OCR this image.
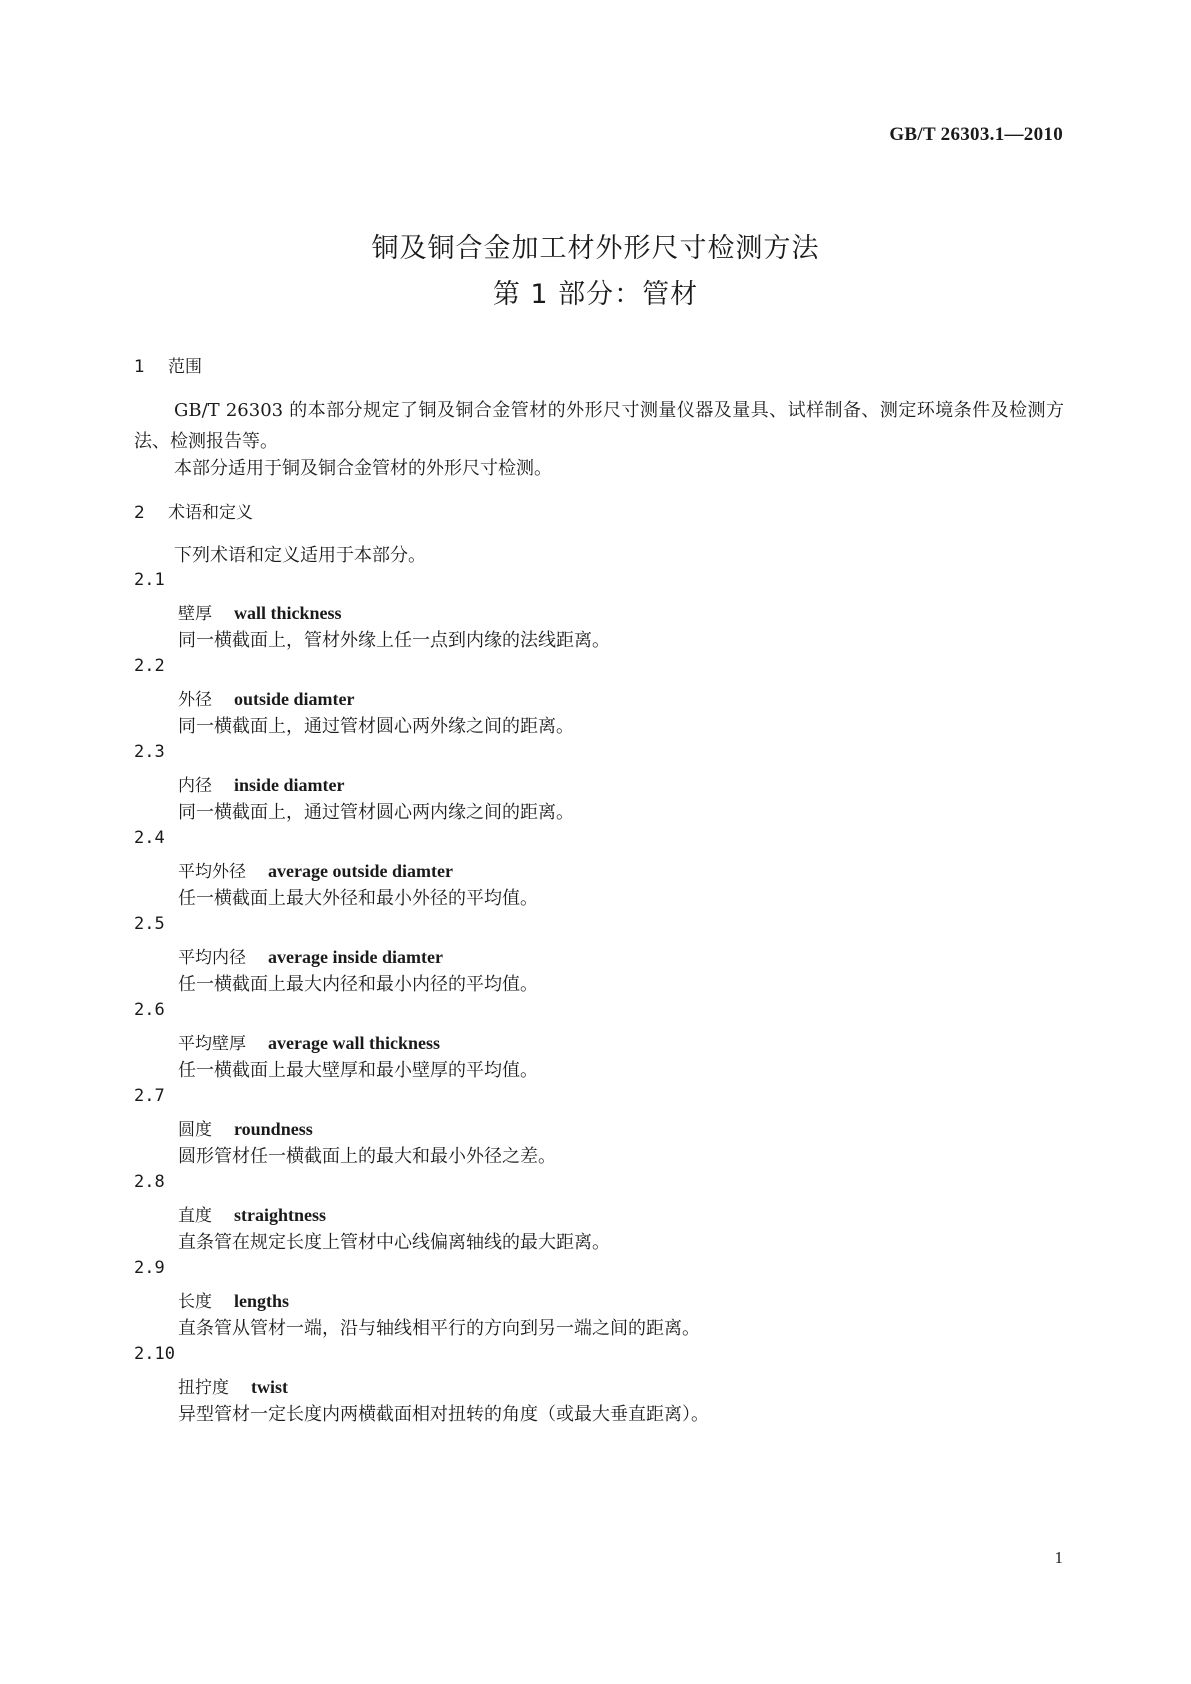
GB/T 26303.1—2010
铜及铜合金加工材外形尺寸检测方法
第 1 部分：管材
1 范围
GB/T 26303 的本部分规定了铜及铜合金管材的外形尺寸测量仪器及量具、试样制备、测定环境条件及检测方法、检测报告等。
本部分适用于铜及铜合金管材的外形尺寸检测。
2 术语和定义
下列术语和定义适用于本部分。
2.1
壁厚 wall thickness
同一横截面上，管材外缘上任一点到内缘的法线距离。
2.2
外径 outside diamter
同一横截面上，通过管材圆心两外缘之间的距离。
2.3
内径 inside diamter
同一横截面上，通过管材圆心两内缘之间的距离。
2.4
平均外径 average outside diamter
任一横截面上最大外径和最小外径的平均值。
2.5
平均内径 average inside diamter
任一横截面上最大内径和最小内径的平均值。
2.6
平均壁厚 average wall thickness
任一横截面上最大壁厚和最小壁厚的平均值。
2.7
圆度 roundness
圆形管材任一横截面上的最大和最小外径之差。
2.8
直度 straightness
直条管在规定长度上管材中心线偏离轴线的最大距离。
2.9
长度 lengths
直条管从管材一端，沿与轴线相平行的方向到另一端之间的距离。
2.10
扭拧度 twist
异型管材一定长度内两横截面相对扭转的角度（或最大垂直距离）。
1
